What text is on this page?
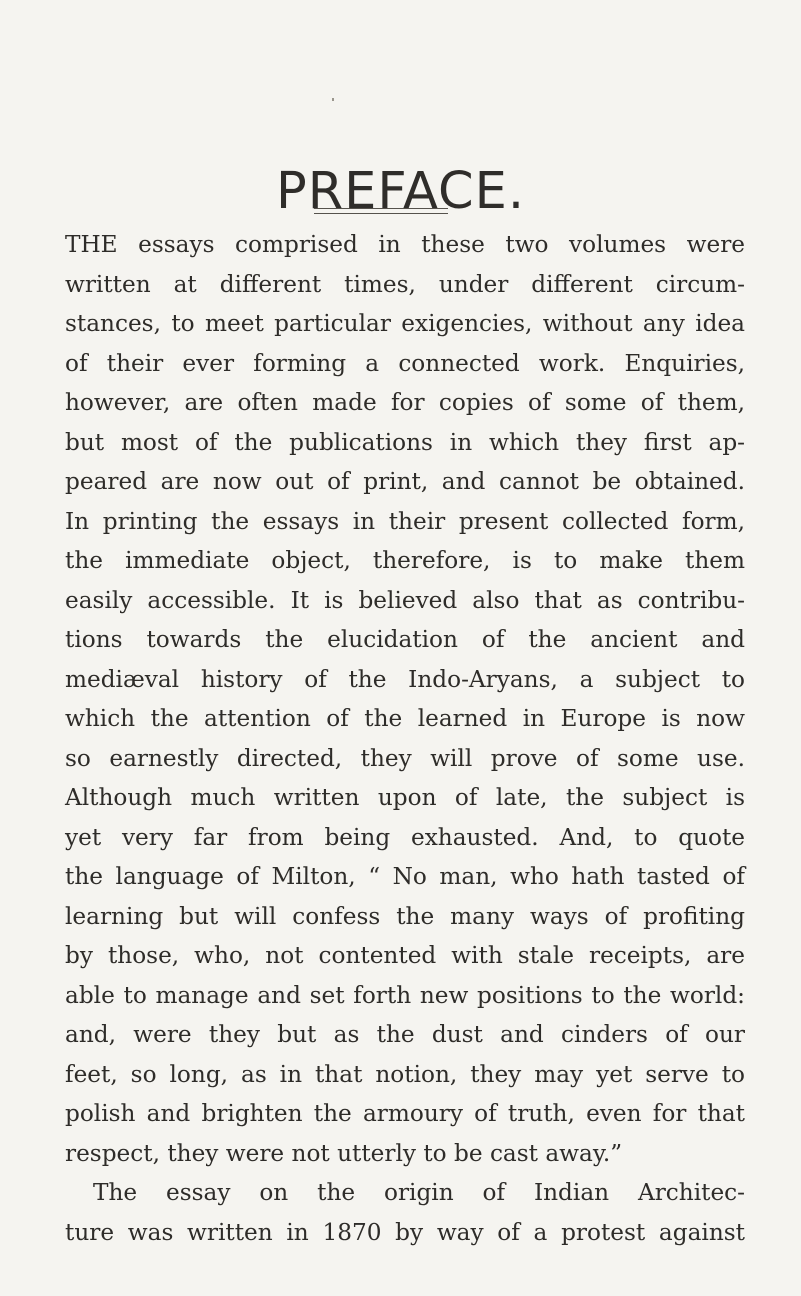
PREFACE.
THE essays comprised in these two volumes were
written at different times, under different circum-
stances, to meet particular exigencies, without any idea
of their ever forming a connected work. Enquiries,
however, are often made for copies of some of them,
but most of the publications in which they first ap-
peared are now out of print, and cannot be obtained.
In printing the essays in their present collected form,
the immediate object, therefore, is to make them
easily accessible. It is believed also that as contribu-
tions towards the elucidation of the ancient and
mediæval history of the Indo-Aryans, a subject to
which the attention of the learned in Europe is now
so earnestly directed, they will prove of some use.
Although much written upon of late, the subject is
yet very far from being exhausted. And, to quote
the language of Milton, “ No man, who hath tasted of
learning but will confess the many ways of profiting
by those, who, not contented with stale receipts, are
able to manage and set forth new positions to the world:
and, were they but as the dust and cinders of our
feet, so long, as in that notion, they may yet serve to
polish and brighten the armoury of truth, even for that
respect, they were not utterly to be cast away.”
The essay on the origin of Indian Architec-
ture was written in 1870 by way of a protest against
